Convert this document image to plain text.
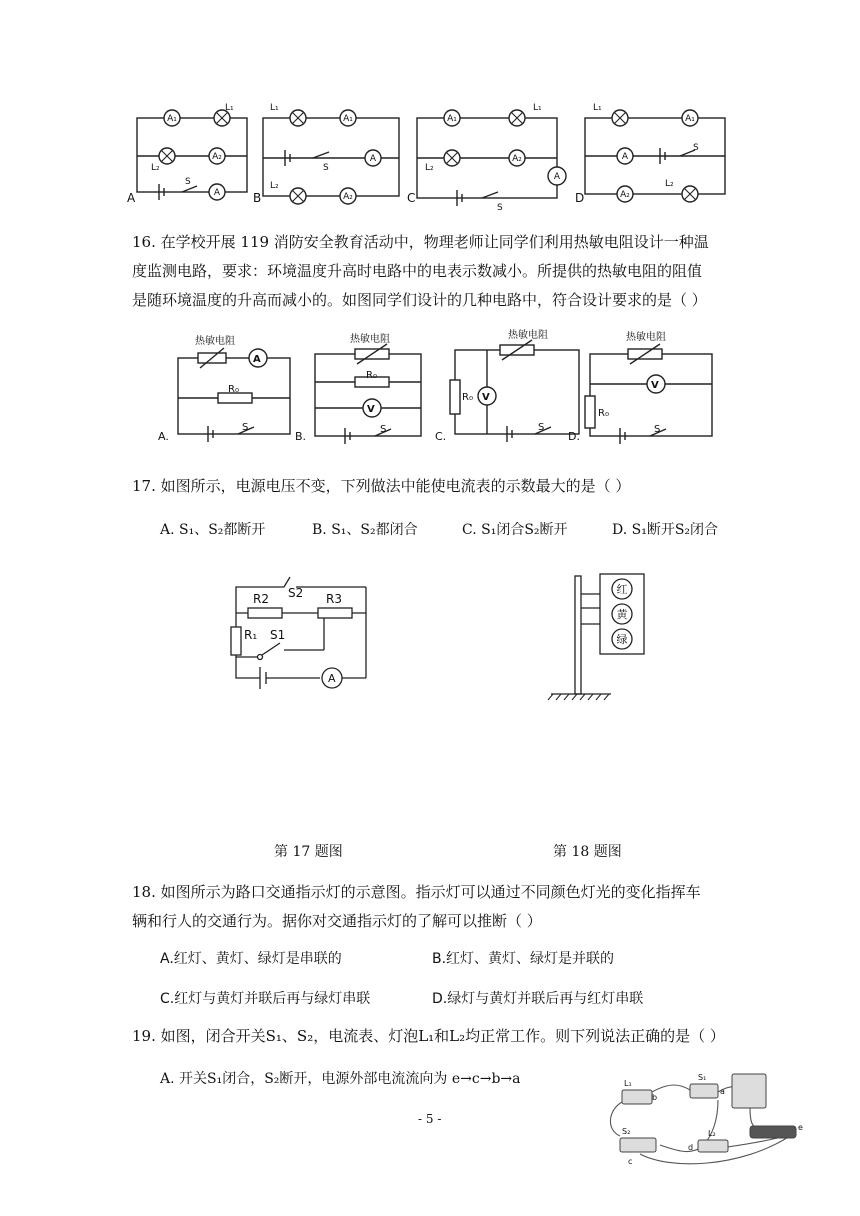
A₁
A₂
A
A₁
A
A₂
A₁
A₂
A
A₁
A
A₂
L₁
L₂
S
L₁
L₂
S
L₁
L₂
S
L₁
L₂
S
A	B	C	D
16. 在学校开展 119 消防安全教育活动中，物理老师让同学们利用热敏电阻设计一种温
度监测电路，要求：环境温度升高时电路中的电表示数减小。所提供的热敏电阻的阻值
是随环境温度的升高而减小的。如图同学们设计的几种电路中，符合设计要求的是（ ）
热敏电阻
R₀
A
S
热敏电阻
R₀
V
S
热敏电阻
R₀ V
S
热敏电阻
R₀
V
S
A.	B.	C.	D.
17. 如图所示，电源电压不变，下列做法中能使电流表的示数最大的是（ ）
A. S₁、S₂都断开	B. S₁、S₂都闭合	C. S₁闭合S₂断开	D. S₁断开S₂闭合
R2	R3
S2
R₁ S1
A
红
黄
绿
第 17 题图	第 18 题图
18. 如图所示为路口交通指示灯的示意图。指示灯可以通过不同颜色灯光的变化指挥车
辆和行人的交通行为。据你对交通指示灯的了解可以推断（ ）
A.红灯、黄灯、绿灯是串联的	B.红灯、黄灯、绿灯是并联的
C.红灯与黄灯并联后再与绿灯串联	D.绿灯与黄灯并联后再与红灯串联
19. 如图，闭合开关S₁、S₂，电流表、灯泡L₁和L₂均正常工作。则下列说法正确的是（ ）
A. 开关S₁闭合，S₂断开，电源外部电流流向为 e→c→b→a	L₁
b
S₁
a
e
S₂
c
d
L₂
- 5 -
